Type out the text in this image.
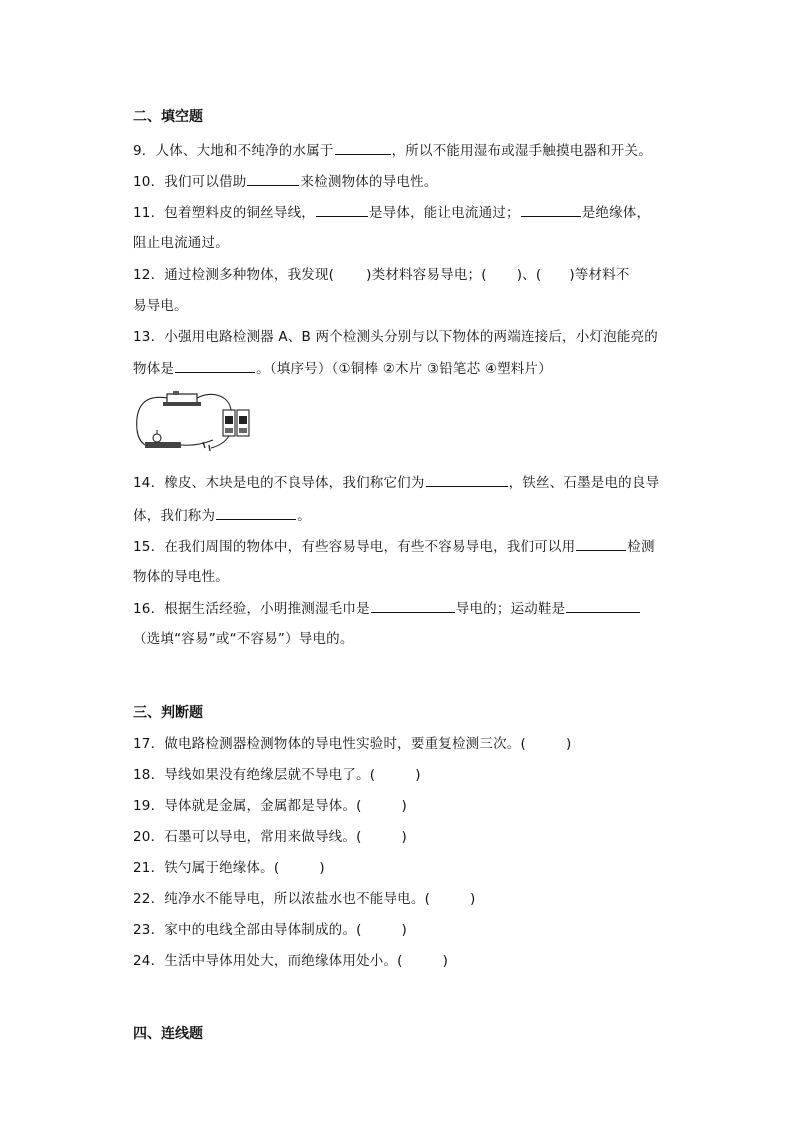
二、填空题
9．人体、大地和不纯净的水属于	，所以不能用湿布或湿手触摸电器和开关。
10．我们可以借助	来检测物体的导电性。
11．包着塑料皮的铜丝导线，	是导体，能让电流通过；	是绝缘体，
阻止电流通过。
12．通过检测多种物体，我发现( )类材料容易导电；( )、( )等材料不
易导电。
13．小强用电路检测器 A、B 两个检测头分别与以下物体的两端连接后，小灯泡能亮的
物体是	。（填序号）（①铜棒 ②木片 ③铅笔芯 ④塑料片）
14．橡皮、木块是电的不良导体，我们称它们为	，铁丝、石墨是电的良导
体，我们称为	。
15．在我们周围的物体中，有些容易导电，有些不容易导电，我们可以用	检测
物体的导电性。
16．根据生活经验，小明推测湿毛巾是	导电的；运动鞋是
（选填“容易”或“不容易”）导电的。
三、判断题
17．做电路检测器检测物体的导电性实验时，要重复检测三次。(	)
18．导线如果没有绝缘层就不导电了。(	)
19．导体就是金属，金属都是导体。(	)
20．石墨可以导电，常用来做导线。(	)
21．铁勺属于绝缘体。(	)
22．纯净水不能导电，所以浓盐水也不能导电。(	)
23．家中的电线全部由导体制成的。(	)
24．生活中导体用处大，而绝缘体用处小。(	)
四、连线题
